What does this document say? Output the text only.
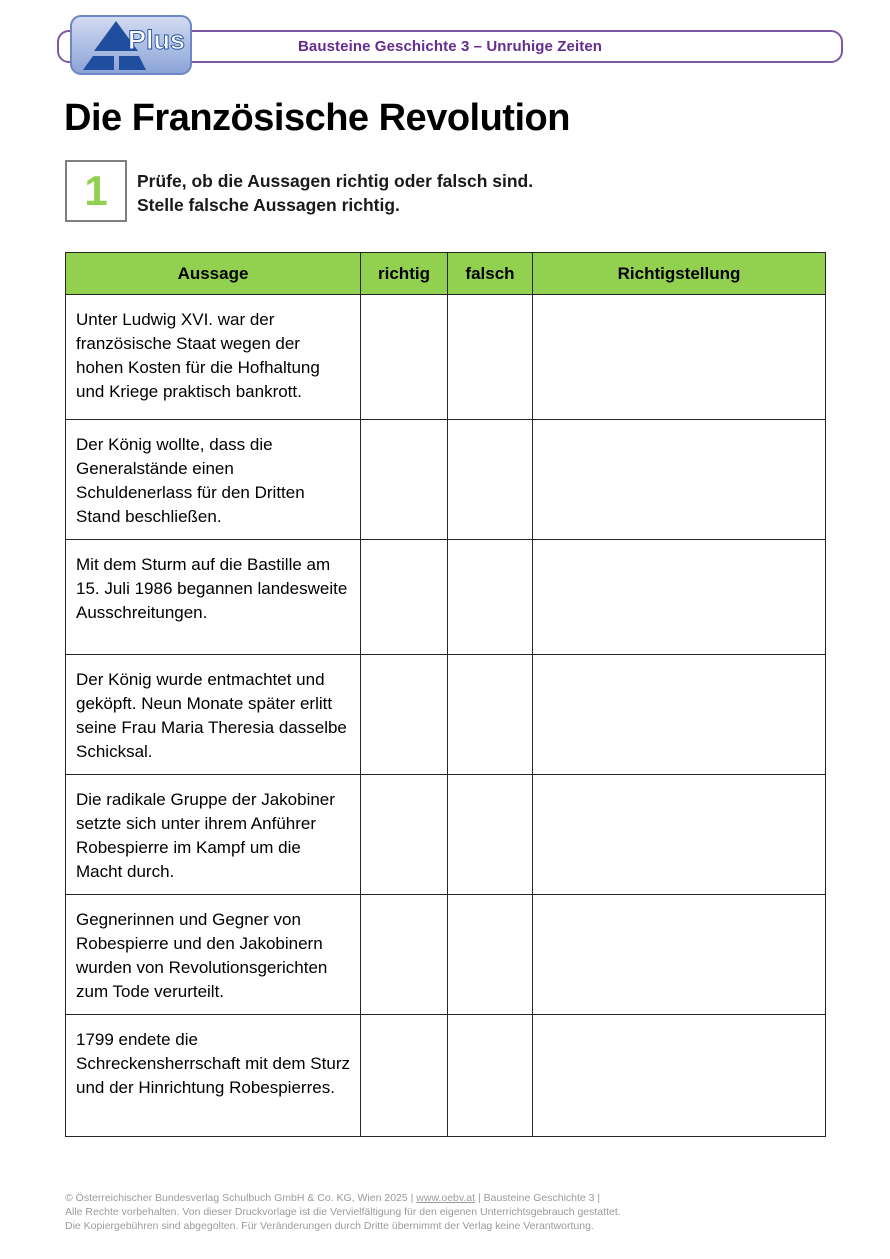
Bausteine Geschichte 3 – Unruhige Zeiten
Plus
Die Französische Revolution
1 Prüfe, ob die Aussagen richtig oder falsch sind.
Stelle falsche Aussagen richtig.
Aussage	richtig	falsch	Richtigstellung
Unter Ludwig XVI. war der französische Staat wegen der hohen Kosten für die Hofhaltung und Kriege praktisch bankrott.			
Der König wollte, dass die Generalstände einen Schuldenerlass für den Dritten Stand beschließen.			
Mit dem Sturm auf die Bastille am 15. Juli 1986 begannen landesweite Ausschreitungen.			
Der König wurde entmachtet und geköpft. Neun Monate später erlitt seine Frau Maria Theresia dasselbe Schicksal.			
Die radikale Gruppe der Jakobiner setzte sich unter ihrem Anführer Robespierre im Kampf um die Macht durch.			
Gegnerinnen und Gegner von Robespierre und den Jakobinern wurden von Revolutionsgerichten zum Tode verurteilt.			
1799 endete die Schreckensherrschaft mit dem Sturz und der Hinrichtung Robespierres.			
© Österreichischer Bundesverlag Schulbuch GmbH & Co. KG, Wien 2025 | www.oebv.at | Bausteine Geschichte 3 |
Alle Rechte vorbehalten. Von dieser Druckvorlage ist die Vervielfältigung für den eigenen Unterrichtsgebrauch gestattet.
Die Kopiergebühren sind abgegolten. Für Veränderungen durch Dritte übernimmt der Verlag keine Verantwortung.
